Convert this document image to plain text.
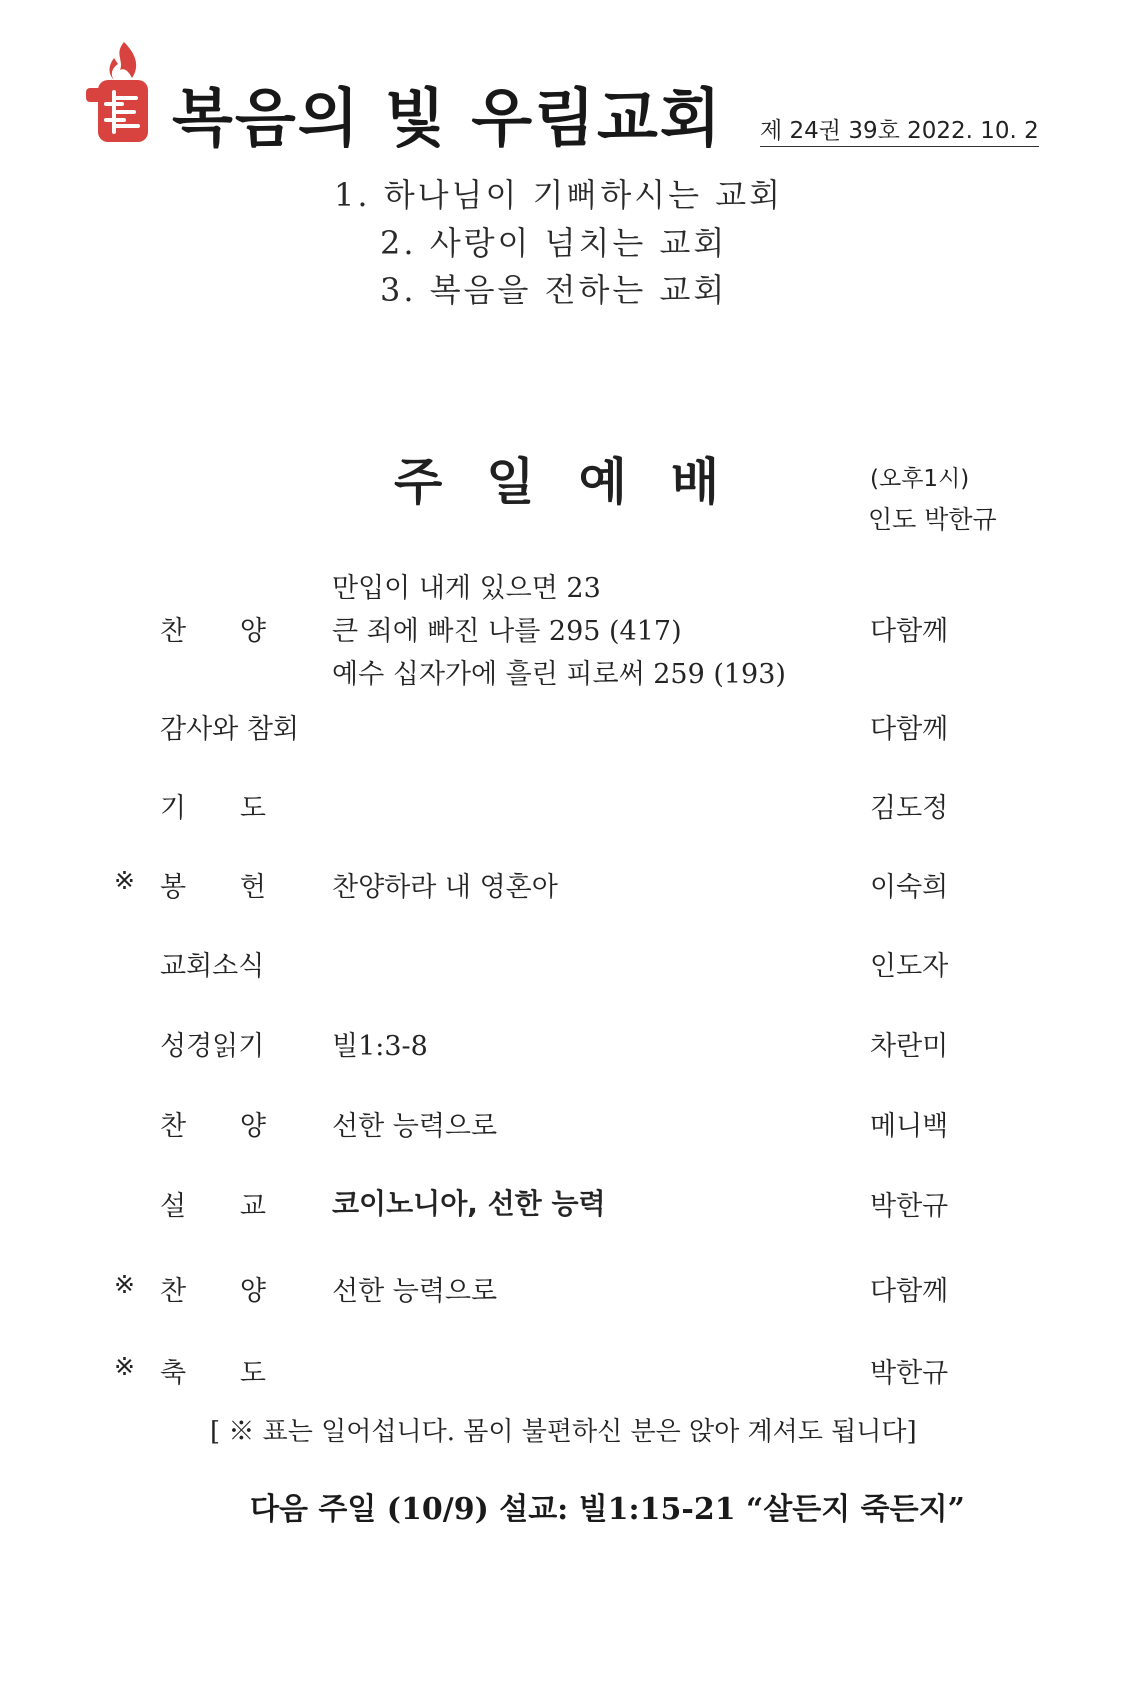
복음의 빛 우림교회 제 24권 39호 2022. 10. 2
1. 하나님이 기뻐하시는 교회
2. 사랑이 넘치는 교회
3. 복음을 전하는 교회
주일예배	(오후1시)
인도 박한규
만입이 내게 있으면 23
찬 양 큰 죄에 빠진 나를 295 (417)	다함께
예수 십자가에 흘린 피로써 259 (193)
감사와 참회	다함께
기 도	김도정
※ 봉 헌 찬양하라 내 영혼아	이숙희
교회소식	인도자
성경읽기	빌1:3-8	차란미
찬 양 선한 능력으로	메니백
설 교 코이노니아, 선한 능력	박한규
※ 찬 양 선한 능력으로	다함께
※ 축 도	박한규
[ ※ 표는 일어섭니다. 몸이 불편하신 분은 앉아 계셔도 됩니다]
다음 주일 (10/9) 설교: 빌1:15-21 “살든지 죽든지”
